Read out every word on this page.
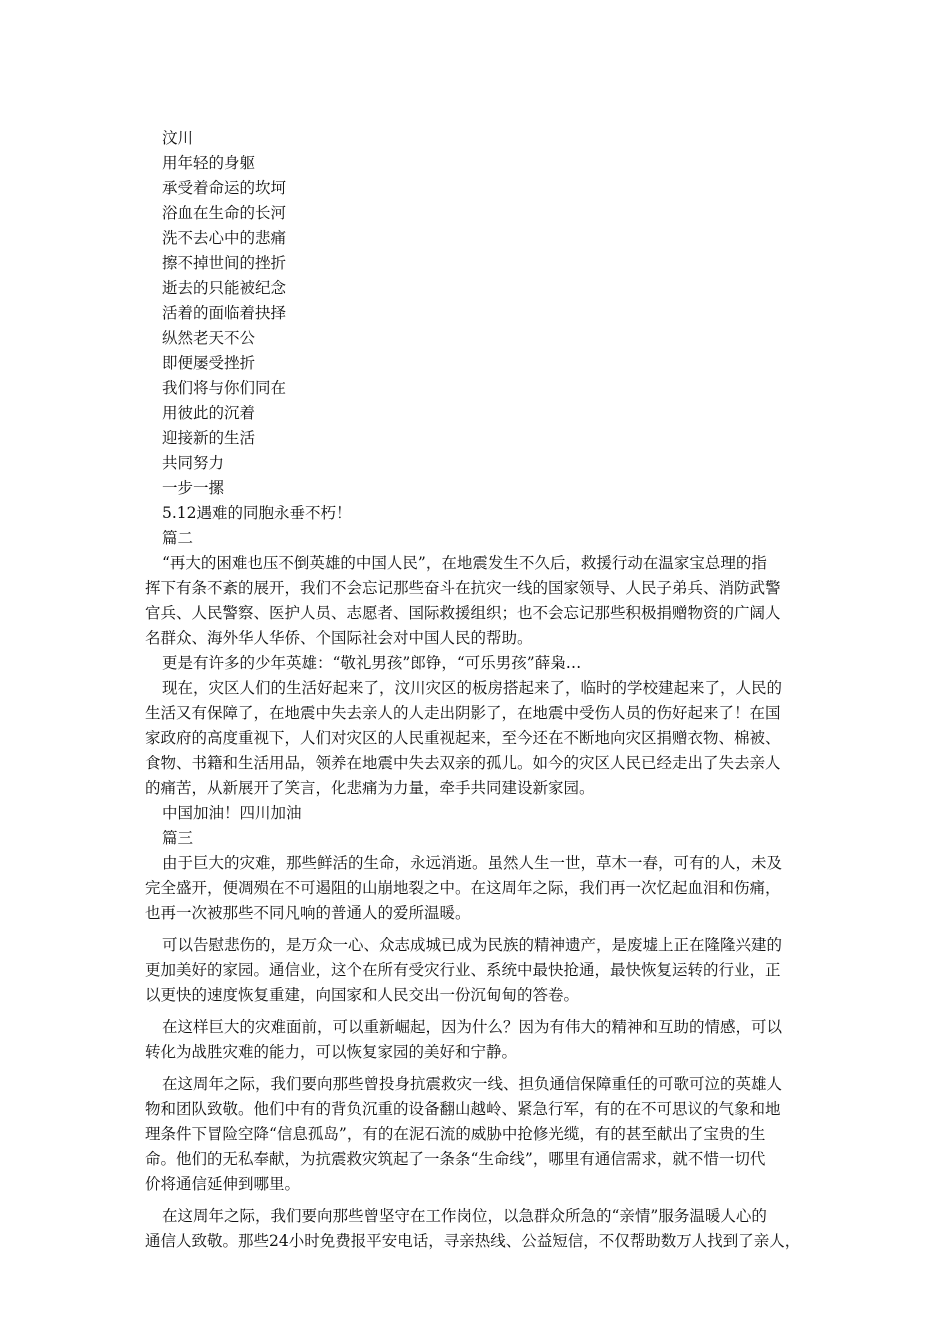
汶川
用年轻的身躯
承受着命运的坎坷
浴血在生命的长河
洗不去心中的悲痛
擦不掉世间的挫折
逝去的只能被纪念
活着的面临着抉择
纵然老天不公
即便屡受挫折
我们将与你们同在
用彼此的沉着
迎接新的生活
共同努力
一步一摞
5.12遇难的同胞永垂不朽！
篇二
“再大的困难也压不倒英雄的中国人民”，在地震发生不久后，救援行动在温家宝总理的指
挥下有条不紊的展开，我们不会忘记那些奋斗在抗灾一线的国家领导、人民子弟兵、消防武警
官兵、人民警察、医护人员、志愿者、国际救援组织；也不会忘记那些积极捐赠物资的广阔人
名群众、海外华人华侨、个国际社会对中国人民的帮助。
更是有许多的少年英雄：“敬礼男孩”郎铮，“可乐男孩”薛枭…
现在，灾区人们的生活好起来了，汶川灾区的板房搭起来了，临时的学校建起来了，人民的
生活又有保障了，在地震中失去亲人的人走出阴影了，在地震中受伤人员的伤好起来了！在国
家政府的高度重视下，人们对灾区的人民重视起来，至今还在不断地向灾区捐赠衣物、棉被、
食物、书籍和生活用品，领养在地震中失去双亲的孤儿。如今的灾区人民已经走出了失去亲人
的痛苦，从新展开了笑言，化悲痛为力量，牵手共同建设新家园。
中国加油！四川加油
篇三
由于巨大的灾难，那些鲜活的生命，永远消逝。虽然人生一世，草木一春，可有的人，未及
完全盛开，便凋殒在不可遏阻的山崩地裂之中。在这周年之际，我们再一次忆起血泪和伤痛，
也再一次被那些不同凡响的普通人的爱所温暖。
可以告慰悲伤的，是万众一心、众志成城已成为民族的精神遗产，是废墟上正在隆隆兴建的
更加美好的家园。通信业，这个在所有受灾行业、系统中最快抢通，最快恢复运转的行业，正
以更快的速度恢复重建，向国家和人民交出一份沉甸甸的答卷。
在这样巨大的灾难面前，可以重新崛起，因为什么？因为有伟大的精神和互助的情感，可以
转化为战胜灾难的能力，可以恢复家园的美好和宁静。
在这周年之际，我们要向那些曾投身抗震救灾一线、担负通信保障重任的可歌可泣的英雄人
物和团队致敬。他们中有的背负沉重的设备翻山越岭、紧急行军，有的在不可思议的气象和地
理条件下冒险空降“信息孤岛”，有的在泥石流的威胁中抢修光缆，有的甚至献出了宝贵的生
命。他们的无私奉献，为抗震救灾筑起了一条条“生命线”，哪里有通信需求，就不惜一切代
价将通信延伸到哪里。
在这周年之际，我们要向那些曾坚守在工作岗位，以急群众所急的“亲情”服务温暖人心的
通信人致敬。那些24小时免费报平安电话，寻亲热线、公益短信，不仅帮助数万人找到了亲人，
